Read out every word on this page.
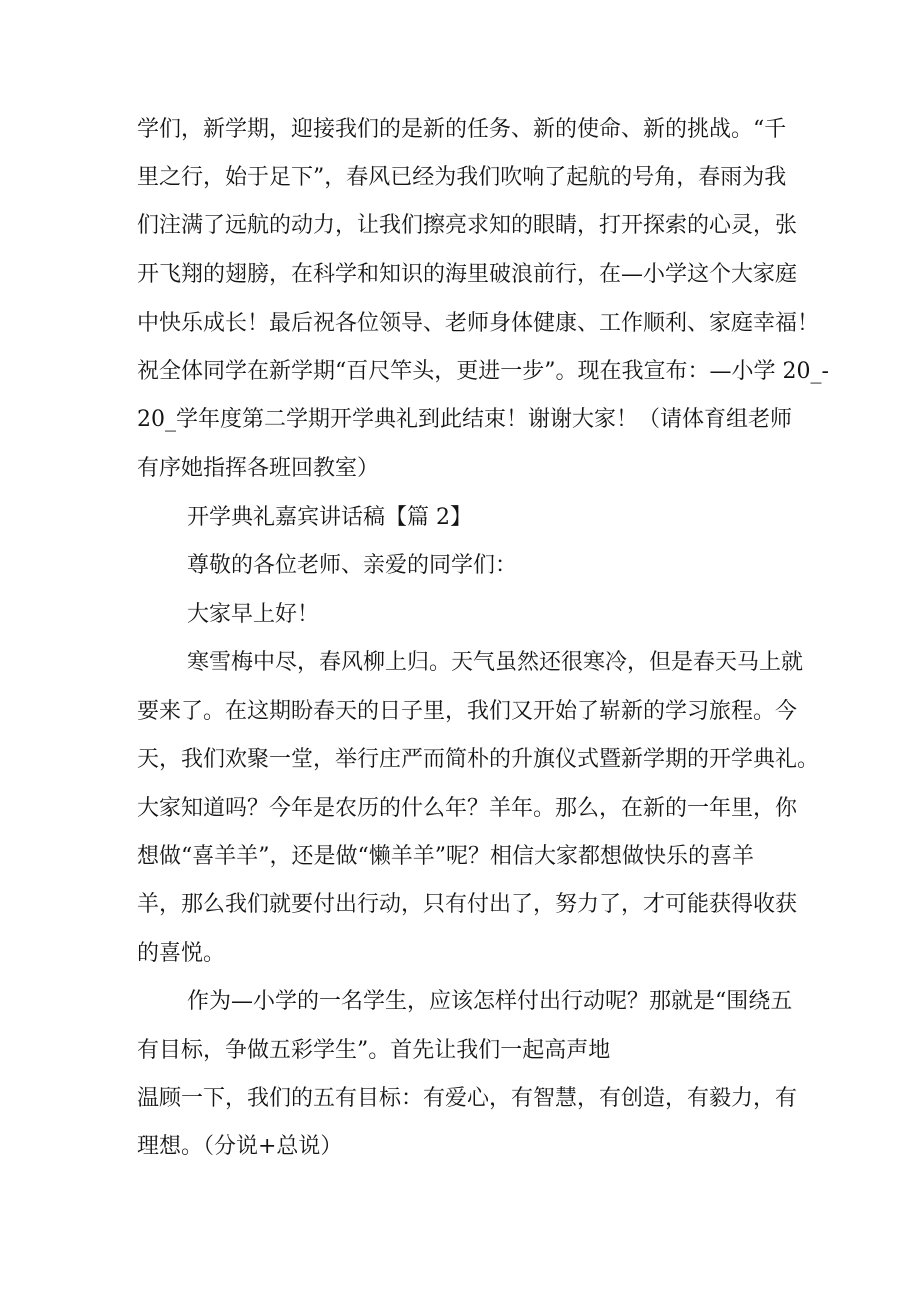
学们，新学期，迎接我们的是新的任务、新的使命、新的挑战。“千

里之行，始于足下”，春风已经为我们吹响了起航的号角，春雨为我

们注满了远航的动力，让我们擦亮求知的眼睛，打开探索的心灵，张

开飞翔的翅膀，在科学和知识的海里破浪前行，在—小学这个大家庭

中快乐成长！最后祝各位领导、老师身体健康、工作顺利、家庭幸福！

祝全体同学在新学期“百尺竿头，更进一步”。现在我宣布：—小学 20_-

20_学年度第二学期开学典礼到此结束！谢谢大家！（请体育组老师

有序她指挥各班回教室）

开学典礼嘉宾讲话稿【篇 2】

尊敬的各位老师、亲爱的同学们：

大家早上好！

寒雪梅中尽，春风柳上归。天气虽然还很寒冷，但是春天马上就

要来了。在这期盼春天的日子里，我们又开始了崭新的学习旅程。今

天，我们欢聚一堂，举行庄严而简朴的升旗仪式暨新学期的开学典礼。

大家知道吗？今年是农历的什么年？羊年。那么，在新的一年里，你

想做“喜羊羊”，还是做“懒羊羊”呢？相信大家都想做快乐的喜羊

羊，那么我们就要付出行动，只有付出了，努力了，才可能获得收获

的喜悦。

作为—小学的一名学生，应该怎样付出行动呢？那就是“围绕五

有目标，争做五彩学生”。首先让我们一起高声地

温顾一下，我们的五有目标：有爱心，有智慧，有创造，有毅力，有

理想。（分说+总说）
